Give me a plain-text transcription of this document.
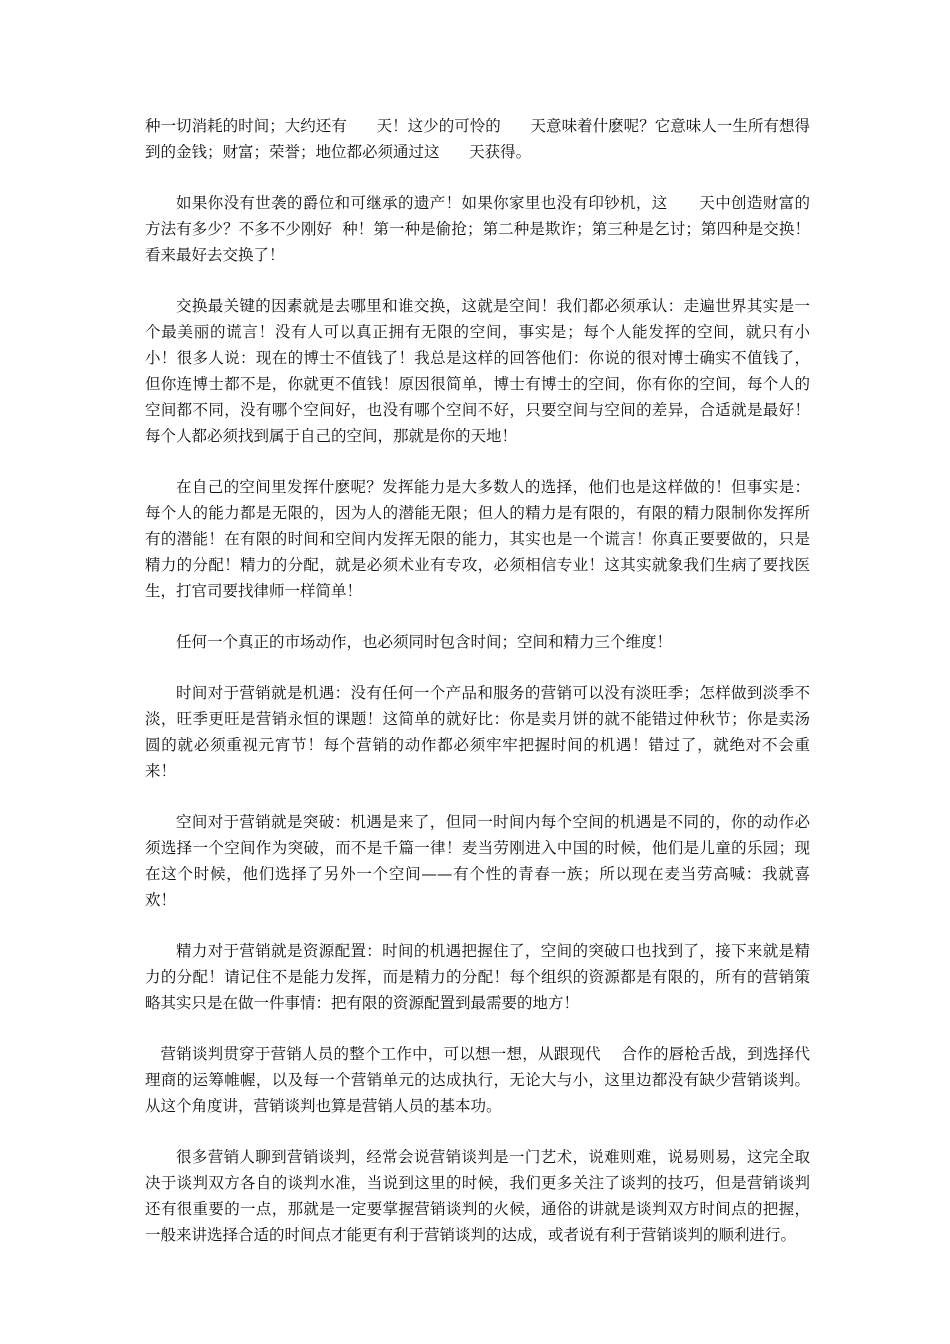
种一切消耗的时间；大约还有      天！这少的可怜的      天意味着什麽呢？它意味人一生所有想得到的金钱；财富；荣誉；地位都必须通过这      天获得。

如果你没有世袭的爵位和可继承的遗产！如果你家里也没有印钞机，这      天中创造财富的方法有多少？不多不少刚好  种！第一种是偷抢；第二种是欺诈；第三种是乞讨；第四种是交换！看来最好去交换了！

交换最关键的因素就是去哪里和谁交换，这就是空间！我们都必须承认：走遍世界其实是一个最美丽的谎言！没有人可以真正拥有无限的空间，事实是；每个人能发挥的空间，就只有小小！很多人说：现在的博士不值钱了！我总是这样的回答他们：你说的很对博士确实不值钱了，但你连博士都不是，你就更不值钱！原因很简单，博士有博士的空间，你有你的空间，每个人的空间都不同，没有哪个空间好，也没有哪个空间不好，只要空间与空间的差异，合适就是最好！每个人都必须找到属于自己的空间，那就是你的天地！

在自己的空间里发挥什麽呢？发挥能力是大多数人的选择，他们也是这样做的！但事实是：每个人的能力都是无限的，因为人的潜能无限；但人的精力是有限的，有限的精力限制你发挥所有的潜能！在有限的时间和空间内发挥无限的能力，其实也是一个谎言！你真正要要做的，只是精力的分配！精力的分配，就是必须术业有专攻，必须相信专业！这其实就象我们生病了要找医生，打官司要找律师一样简单！

任何一个真正的市场动作，也必须同时包含时间；空间和精力三个维度！

时间对于营销就是机遇：没有任何一个产品和服务的营销可以没有淡旺季；怎样做到淡季不淡，旺季更旺是营销永恒的课题！这简单的就好比：你是卖月饼的就不能错过仲秋节；你是卖汤圆的就必须重视元宵节！每个营销的动作都必须牢牢把握时间的机遇！错过了，就绝对不会重来！

空间对于营销就是突破：机遇是来了，但同一时间内每个空间的机遇是不同的，你的动作必须选择一个空间作为突破，而不是千篇一律！麦当劳刚进入中国的时候，他们是儿童的乐园；现在这个时候，他们选择了另外一个空间——有个性的青春一族；所以现在麦当劳高喊：我就喜欢！

精力对于营销就是资源配置：时间的机遇把握住了，空间的突破口也找到了，接下来就是精力的分配！请记住不是能力发挥，而是精力的分配！每个组织的资源都是有限的，所有的营销策略其实只是在做一件事情：把有限的资源配置到最需要的地方！

营销谈判贯穿于营销人员的整个工作中，可以想一想，从跟现代    合作的唇枪舌战，到选择代理商的运筹帷幄，以及每一个营销单元的达成执行，无论大与小，这里边都没有缺少营销谈判。从这个角度讲，营销谈判也算是营销人员的基本功。

很多营销人聊到营销谈判，经常会说营销谈判是一门艺术，说难则难，说易则易，这完全取决于谈判双方各自的谈判水准，当说到这里的时候，我们更多关注了谈判的技巧，但是营销谈判还有很重要的一点，那就是一定要掌握营销谈判的火候，通俗的讲就是谈判双方时间点的把握，一般来讲选择合适的时间点才能更有利于营销谈判的达成，或者说有利于营销谈判的顺利进行。
